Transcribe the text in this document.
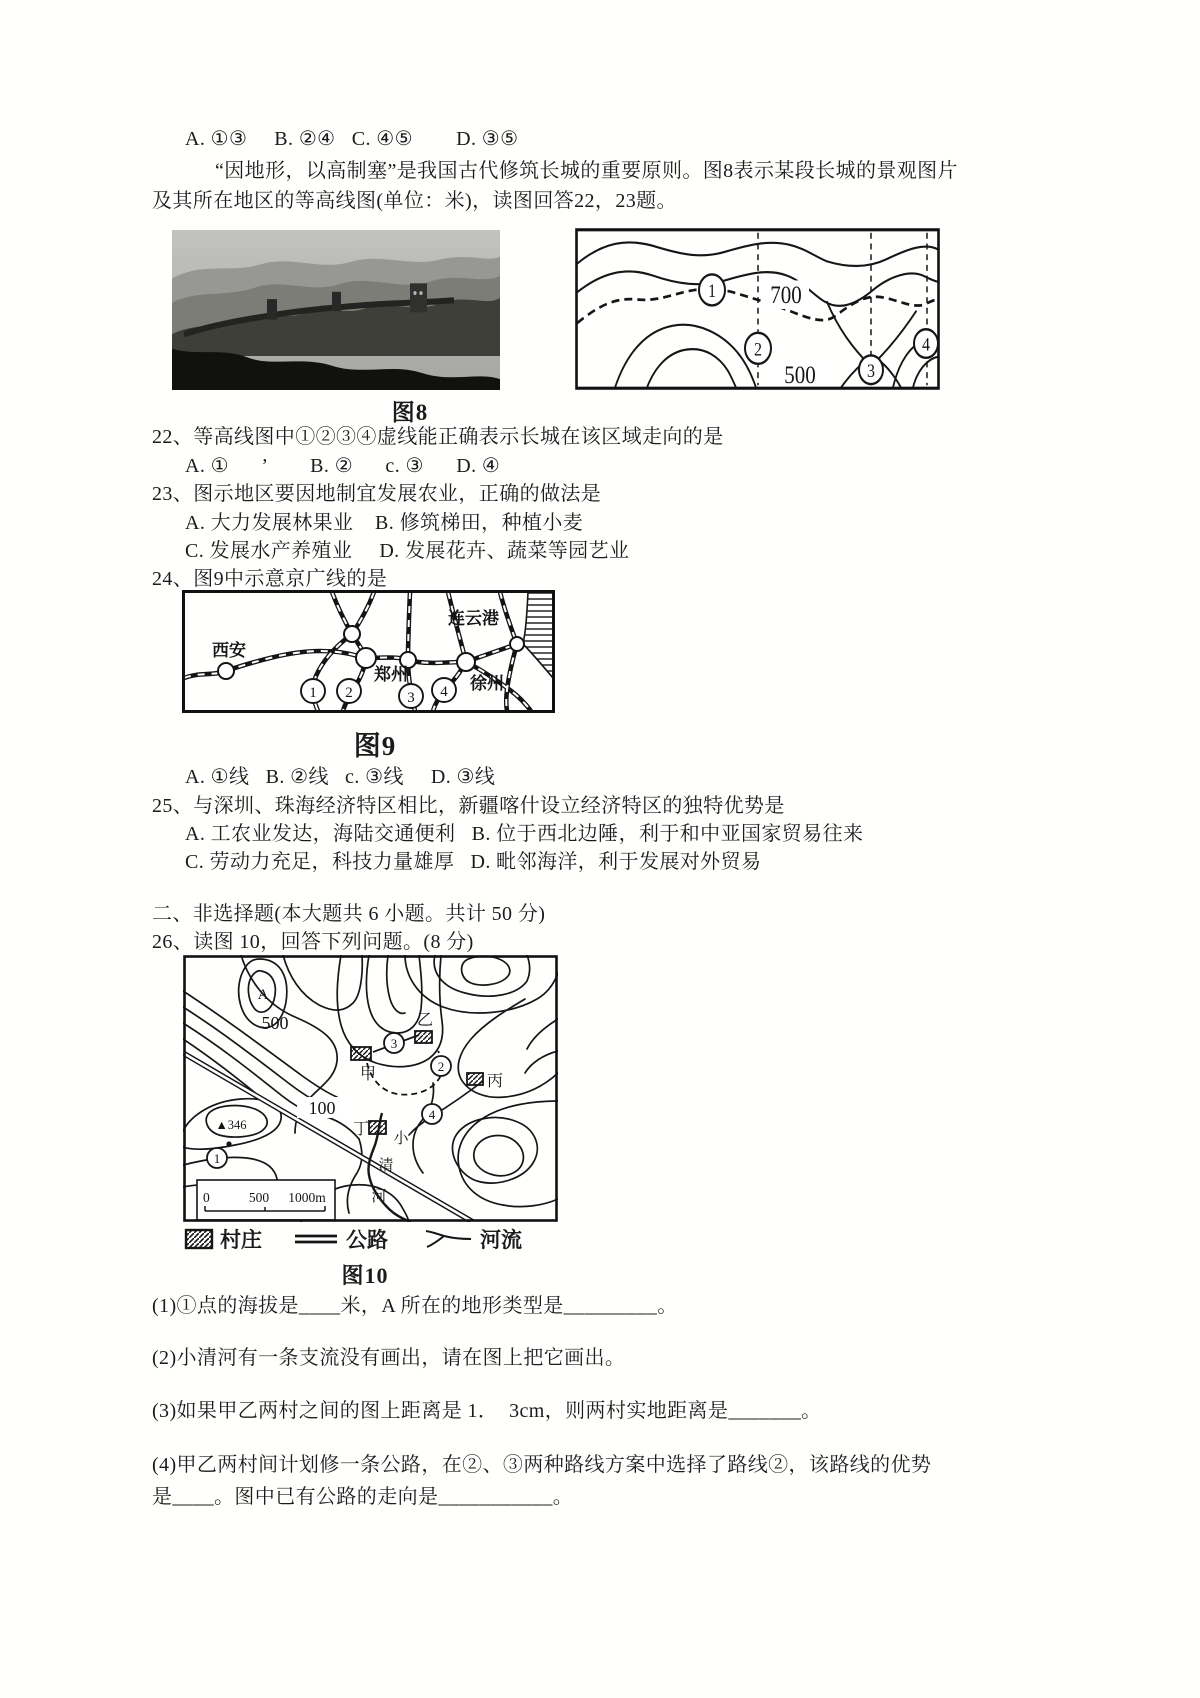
A. ①③     B. ②④   C. ④⑤        D. ③⑤
“因地形，以高制塞”是我国古代修筑长城的重要原则。图8表示某段长城的景观图片
及其所在地区的等高线图(单位：米)，读图回答22，23题。
700
500
1
2
3
4
图8
22、等高线图中①②③④虚线能正确表示长城在该区域走向的是
A. ①      ’        B. ②      c. ③      D. ④
23、图示地区要因地制宜发展农业，正确的做法是
A. 大力发展林果业    B. 修筑梯田，种植小麦
C. 发展水产养殖业     D. 发展花卉、蔬菜等园艺业
24、图9中示意京广线的是
1 2	3 4
西安
郑州
连云港
徐州
图9
A. ①线   B. ②线   c. ③线     D. ③线
25、与深圳、珠海经济特区相比，新疆喀什设立经济特区的独特优势是
A. 工农业发达，海陆交通便利   B. 位于西北边陲，利于和中亚国家贸易往来
C. 劳动力充足，科技力量雄厚   D. 毗邻海洋，利于发展对外贸易
二、非选择题(本大题共 6 小题。共计 50 分)
26、读图 10，回答下列问题。(8 分)
100
A
500
▲346
甲
乙
丙
丁
小
清
河
1
2
3
4
0	500 1000m
村庄	公路	河流
图10
(1)①点的海拔是____米，A 所在的地形类型是_________。
(2)小清河有一条支流没有画出，请在图上把它画出。
(3)如果甲乙两村之间的图上距离是 1．  3cm，则两村实地距离是_______。
(4)甲乙两村间计划修一条公路，在②、③两种路线方案中选择了路线②，该路线的优势
是____。图中已有公路的走向是___________。
